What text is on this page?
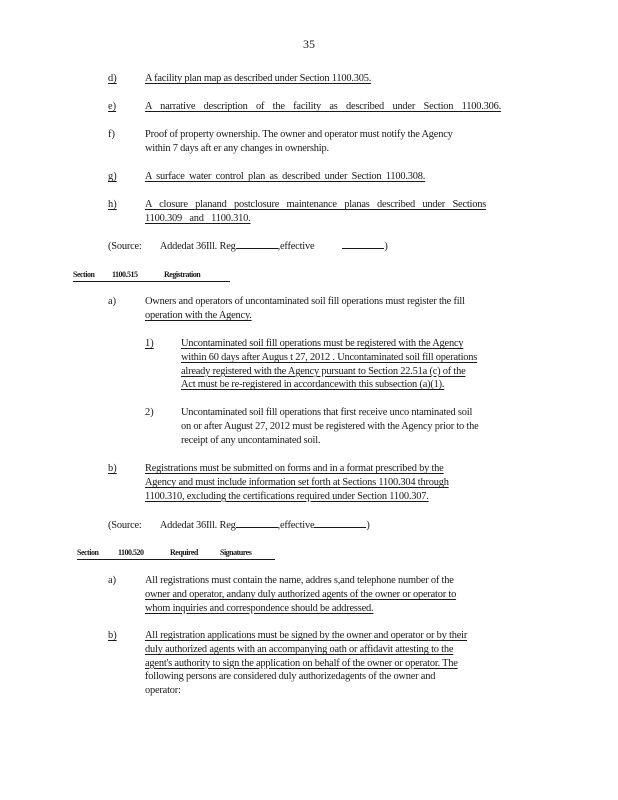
35
d)	A facility plan map as described under Section 1100.305.
e)	A narrative description of the facility as described under Section 1100.306.
f)	Proof of property ownership. The owner and operator must notify the Agency
within 7 days aft er any changes in ownership.
g)	A surface water control plan as described under Section 1100.308.
h)	A closure planand postclosure maintenance planas described under Sections
1100.309 and 1100.310.
(Source: Addedat 36Ill. Reg	,effective	)
Section 1100.515	Registration
a)	Owners and operators of uncontaminated soil fill operations must register the fill
operation with the Agency.
1)	Uncontaminated soil fill operations must be registered with the Agency
within 60 days after Augus t 27, 2012 . Uncontaminated soil fill operations
already registered with the Agency pursuant to Section 22.51a (c) of the
Act must be re-registered in accordancewith this subsection (a)(1).
2)	Uncontaminated soil fill operations that first receive unco ntaminated soil
on or after August 27, 2012 must be registered with the Agency prior to the
receipt of any uncontaminated soil.
b)	Registrations must be submitted on forms and in a format prescribed by the
Agency and must include information set forth at Sections 1100.304 through
1100.310, excluding the certifications required under Section 1100.307.
(Source: Addedat 36Ill. Reg	,effective	)
Section 1100.520	Required	Signatures
a)	All registrations must contain the name, addres s,and telephone number of the
owner and operator, andany duly authorized agents of the owner or operator to
whom inquiries and correspondence should be addressed.
b)	All registration applications must be signed by the owner and operator or by their
duly authorized agents with an accompanying oath or affidavit attesting to the
agent's authority to sign the application on behalf of the owner or operator. The
following persons are considered duly authorizedagents of the owner and
operator:
